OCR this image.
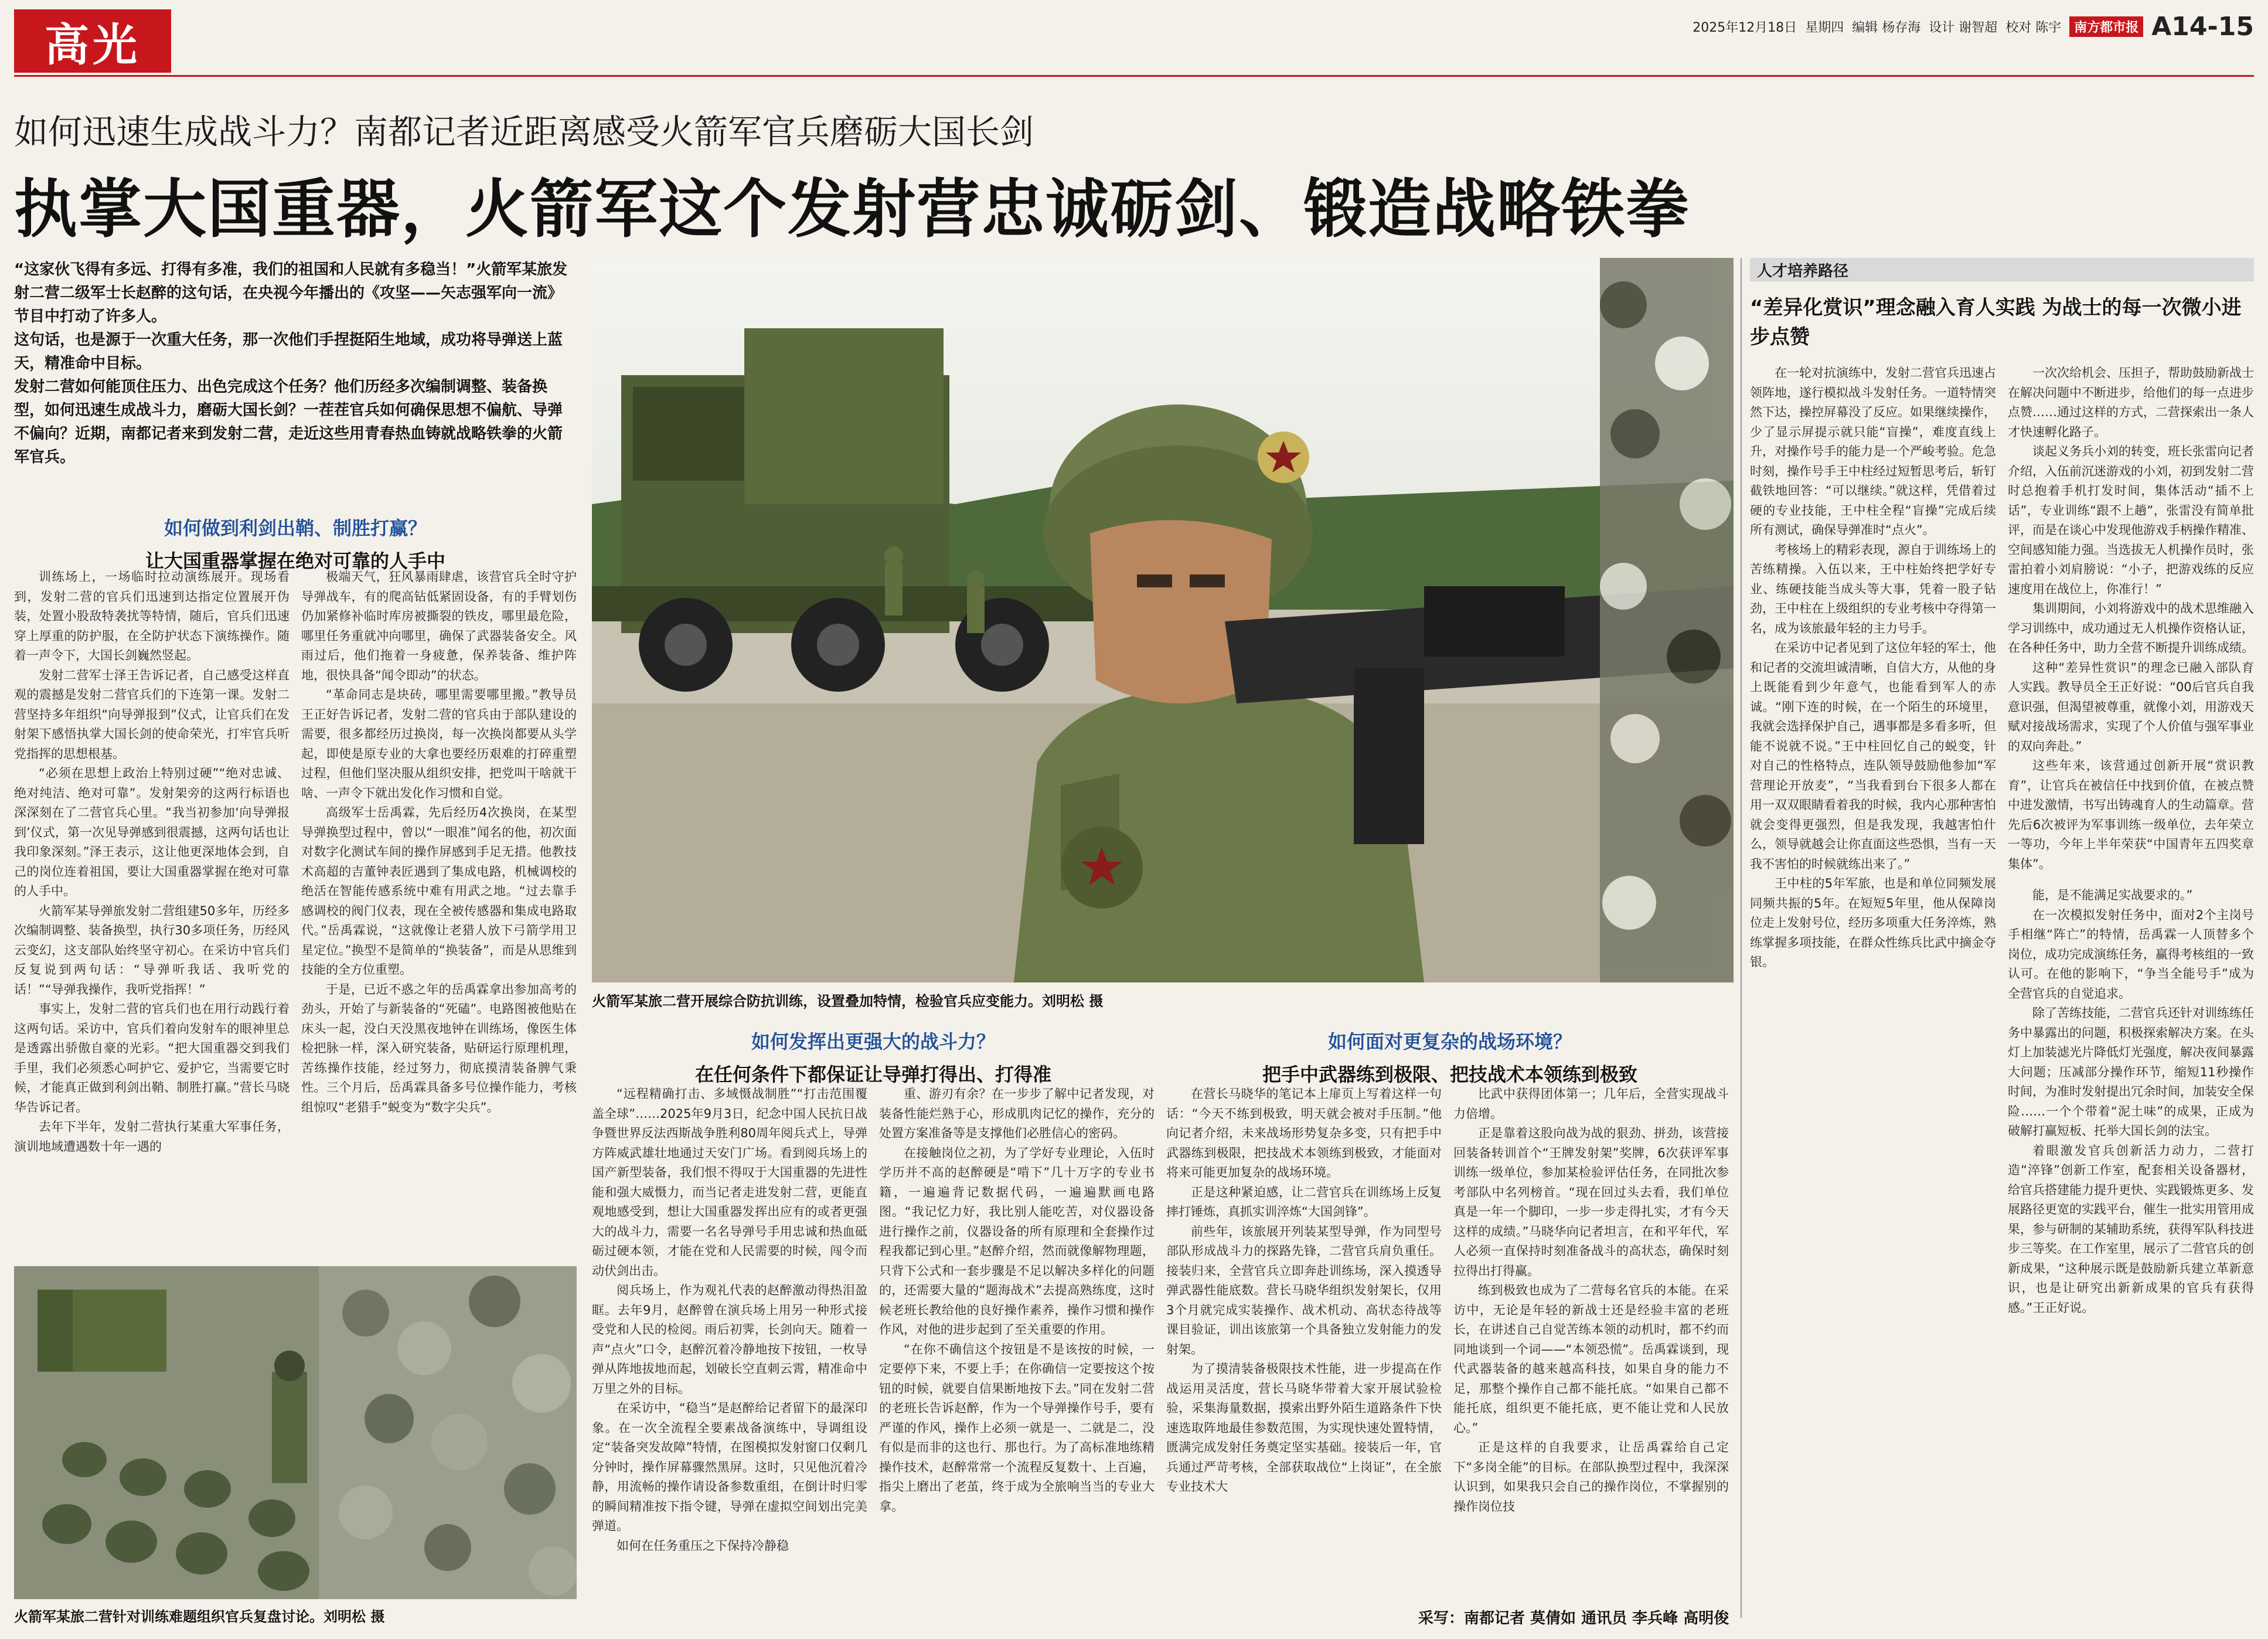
高光	2025年12月18日 星期四 编辑 杨存海 设计 谢智超 校对 陈宇	南方都市报 A14-15
如何迅速生成战斗力？南都记者近距离感受火箭军官兵磨砺大国长剑
执掌大国重器，火箭军这个发射营忠诚砺剑、锻造战略铁拳

“这家伙飞得有多远、打得有多准，我们的祖国和人民就有多稳当！”火箭军某旅发射二营二级军士长赵醉的这句话，在央视今年播出的《攻坚——矢志强军向一流》节目中打动了许多人。

这句话，也是源于一次重大任务，那一次他们手捏挺陌生地域，成功将导弹送上蓝天，精准命中目标。

发射二营如何能顶住压力、出色完成这个任务？他们历经多次编制调整、装备换型，如何迅速生成战斗力，磨砺大国长剑？一茬茬官兵如何确保思想不偏航、导弹不偏向？近期，南都记者来到发射二营，走近这些用青春热血铸就战略铁拳的火箭军官兵。

如何做到利剑出鞘、制胜打赢？
让大国重器掌握在绝对可靠的人手中

训练场上，一场临时拉动演练展开。现场看到，发射二营的官兵们迅速到达指定位置展开伪装，处置小股敌特袭扰等特情，随后，官兵们迅速穿上厚重的防护服，在全防护状态下演练操作。随着一声令下，大国长剑巍然竖起。

发射二营军士泽王告诉记者，自己感受这样直观的震撼是发射二营官兵们的下连第一课。发射二营坚持多年组织“向导弹报到”仪式，让官兵们在发射架下感悟执掌大国长剑的使命荣光，打牢官兵听党指挥的思想根基。

“必须在思想上政治上特别过硬”“绝对忠诚、绝对纯洁、绝对可靠”。发射架旁的这两行标语也深深刻在了二营官兵心里。“我当初参加‘向导弹报到’仪式，第一次见导弹感到很震撼，这两句话也让我印象深刻。”泽王表示，这让他更深地体会到，自己的岗位连着祖国，要让大国重器掌握在绝对可靠的人手中。

火箭军某导弹旅发射二营组建50多年，历经多次编制调整、装备换型，执行30多项任务，历经风云变幻，这支部队始终坚守初心。在采访中官兵们反复说到两句话：“导弹听我话、我听党的话！”“导弹我操作，我听党指挥！”

事实上，发射二营的官兵们也在用行动践行着这两句话。采访中，官兵们着向发射车的眼神里总是透露出骄傲自豪的光彩。“把大国重器交到我们手里，我们必须悉心呵护它、爱护它，当需要它时候，才能真正做到利剑出鞘、制胜打赢。”营长马晓华告诉记者。

去年下半年，发射二营执行某重大军事任务，演训地域遭遇数十年一遇的

极端天气，狂风暴雨肆虐，该营官兵全时守护导弹战车，有的爬高钻低紧固设备，有的手臂划伤仍加紧修补临时库房被撕裂的铁皮，哪里最危险，哪里任务重就冲向哪里，确保了武器装备安全。风雨过后，他们拖着一身疲惫，保养装备、维护阵地，很快具备“闻令即动”的状态。

“革命同志是块砖，哪里需要哪里搬。”教导员王正好告诉记者，发射二营的官兵由于部队建设的需要，很多都经历过换岗，每一次换岗都要从头学起，即使是原专业的大拿也要经历艰难的打碎重塑过程，但他们坚决服从组织安排，把党叫干啥就干啥、一声令下就出发化作习惯和自觉。

高级军士岳禹霖，先后经历4次换岗，在某型导弹换型过程中，曾以“一眼准”闻名的他，初次面对数字化测试车间的操作屏感到手足无措。他教技术高超的吉董钟表匠遇到了集成电路，机械调校的绝活在智能传感系统中难有用武之地。“过去靠手感调校的阀门仪表，现在全被传感器和集成电路取代。”岳禹霖说，“这就像让老猎人放下弓箭学用卫星定位。”换型不是简单的“换装备”，而是从思维到技能的全方位重塑。

于是，已近不惑之年的岳禹霖拿出参加高考的劲头，开始了与新装备的“死磕”。电路图被他贴在床头一起，没白天没黑夜地钟在训练场，像医生体检把脉一样，深入研究装备，贴研运行原理机理，苦练操作技能，经过努力，彻底摸清装备脾气秉性。三个月后，岳禹霖具备多号位操作能力，考核组惊叹“老猎手”蜕变为“数字尖兵”。

火箭军某旅二营针对训练难题组织官兵复盘讨论。刘明松 摄
火箭军某旅二营开展综合防抗训练，设置叠加特情，检验官兵应变能力。刘明松 摄
如何发挥出更强大的战斗力？
在任何条件下都保证让导弹打得出、打得准
如何面对更复杂的战场环境？
把手中武器练到极限、把技战术本领练到极致

“远程精确打击、多域慑战制胜”“打击范围覆盖全球”……2025年9月3日，纪念中国人民抗日战争暨世界反法西斯战争胜利80周年阅兵式上，导弹方阵威武雄壮地通过天安门广场。看到阅兵场上的国产新型装备，我们恨不得叹于大国重器的先进性能和强大威慑力，而当记者走进发射二营，更能直观地感受到，想让大国重器发挥出应有的或者更强大的战斗力，需要一名名导弹号手用忠诚和热血砥砺过硬本领，才能在党和人民需要的时候，闯令而动伏剑出击。

阅兵场上，作为观礼代表的赵醉激动得热泪盈眶。去年9月，赵醉曾在演兵场上用另一种形式接受党和人民的检阅。雨后初霁，长剑向天。随着一声“点火”口令，赵醉沉着冷静地按下按钮，一枚导弹从阵地拔地而起，划破长空直刺云霄，精准命中万里之外的目标。

在采访中，“稳当”是赵醉给记者留下的最深印象。在一次全流程全要素战备演练中，导调组设定“装备突发故障”特情，在图模拟发射窗口仅剩几分钟时，操作屏幕骤然黑屏。这时，只见他沉着冷静，用流畅的操作请设备参数重组，在倒计时归零的瞬间精准按下指令键，导弹在虚拟空间划出完美弹道。

如何在任务重压之下保持冷静稳

重、游刃有余？在一步步了解中记者发现，对装备性能烂熟于心，形成肌肉记忆的操作，充分的处置方案准备等是支撑他们必胜信心的密码。

在接触岗位之初，为了学好专业理论，入伍时学历并不高的赵醉硬是“啃下”几十万字的专业书籍，一遍遍背记数据代码，一遍遍默画电路图。“我记忆力好，我比别人能吃苦，对仪器设备进行操作之前，仪器设备的所有原理和全套操作过程我都记到心里。”赵醉介绍，然而就像解物理题，只背下公式和一套步骤是不足以解决多样化的问题的，还需要大量的“题海战术”去提高熟练度，这时候老班长教给他的良好操作素养，操作习惯和操作作风，对他的进步起到了至关重要的作用。

“在你不确信这个按钮是不是该按的时候，一定要停下来，不要上手；在你确信一定要按这个按钮的时候，就要自信果断地按下去。”同在发射二营的老班长告诉赵醉，作为一个导弹操作号手，要有严谨的作风，操作上必须一就是一、二就是二，没有似是而非的这也行、那也行。为了高标准地练精操作技术，赵醉常常一个流程反复数十、上百遍，指尖上磨出了老茧，终于成为全旅响当当的专业大拿。

在营长马晓华的笔记本上扉页上写着这样一句话：“今天不练到极致，明天就会被对手压制。”他向记者介绍，未来战场形势复杂多变，只有把手中武器练到极限，把技战术本领练到极致，才能面对将来可能更加复杂的战场环境。

正是这种紧迫感，让二营官兵在训练场上反复摔打锤炼，真抓实训淬炼“大国剑锋”。

前些年，该旅展开列装某型导弹，作为同型号部队形成战斗力的探路先锋，二营官兵肩负重任。接装归来，全营官兵立即奔赴训练场，深入摸透导弹武器性能底数。营长马晓华组织发射架长，仅用3个月就完成实装操作、战术机动、高状态待战等课目验证，训出该旅第一个具备独立发射能力的发射架。

为了摸清装备极限技术性能，进一步提高在作战运用灵活度，营长马晓华带着大家开展试验检验，采集海量数据，摸索出野外陌生道路条件下快速选取阵地最佳参数范围，为实现快速处置特情，匮满完成发射任务奠定坚实基础。接装后一年，官兵通过严苛考核，全部获取战位“上岗证”，在全旅专业技术大

比武中获得团体第一；几年后，全营实现战斗力倍增。

正是靠着这股向战为战的狠劲、拼劲，该营接回装备转训首个“王牌发射架”奖牌，6次获评军事训练一级单位，参加某检验评估任务，在同批次参考部队中名列榜首。“现在回过头去看，我们单位真是一年一个脚印，一步一步走得扎实，才有今天这样的成绩。”马晓华向记者坦言，在和平年代，军人必须一直保持时刻准备战斗的高状态，确保时刻拉得出打得赢。

练到极致也成为了二营每名官兵的本能。在采访中，无论是年轻的新战士还是经验丰富的老班长，在讲述自己自觉苦练本领的动机时，都不约而同地谈到一个词——“本领恐慌”。岳禹霖谈到，现代武器装备的越来越高科技，如果自身的能力不足，那整个操作自己都不能托底。“如果自己都不能托底，组织更不能托底，更不能让党和人民放心。”

正是这样的自我要求，让岳禹霖给自己定下“多岗全能”的目标。在部队换型过程中，我深深认识到，如果我只会自己的操作岗位，不掌握别的操作岗位技

采写：南都记者 莫倩如 通讯员 李兵峰 高明俊
人才培养路径
“差异化赏识”理念融入育人实践 为战士的每一次微小进步点赞

在一轮对抗演练中，发射二营官兵迅速占领阵地，遂行模拟战斗发射任务。一道特情突然下达，操控屏幕没了反应。如果继续操作，少了显示屏提示就只能“盲操”，难度直线上升，对操作号手的能力是一个严峻考验。危急时刻，操作号手王中柱经过短暂思考后，斩钉截铁地回答：“可以继续。”就这样，凭借着过硬的专业技能，王中柱全程“盲操”完成后续所有测试，确保导弹准时“点火”。

考核场上的精彩表现，源自于训练场上的苦练精操。入伍以来，王中柱始终把学好专业、练硬技能当成头等大事，凭着一股子钻劲，王中柱在上级组织的专业考核中夺得第一名，成为该旅最年轻的主力号手。

在采访中记者见到了这位年轻的军士，他和记者的交流坦诚清晰，自信大方，从他的身上既能看到少年意气，也能看到军人的赤诚。“刚下连的时候，在一个陌生的环境里，我就会选择保护自己，遇事都是多看多听，但能不说就不说。”王中柱回忆自己的蜕变，针对自己的性格特点，连队领导鼓励他参加“军营理论开放麦”，“当我看到台下很多人都在用一双双眼睛看着我的时候，我内心那种害怕就会变得更强烈，但是我发现，我越害怕什么，领导就越会让你直面这些恐惧，当有一天我不害怕的时候就练出来了。”

王中柱的5年军旅，也是和单位同频发展同频共振的5年。在短短5年里，他从保障岗位走上发射号位，经历多项重大任务淬炼，熟练掌握多项技能，在群众性练兵比武中摘金夺银。

一次次给机会、压担子，帮助鼓励新战士在解决问题中不断进步，给他们的每一点进步点赞……通过这样的方式，二营探索出一条人才快速孵化路子。

谈起义务兵小刘的转变，班长张雷向记者介绍，入伍前沉迷游戏的小刘，初到发射二营时总抱着手机打发时间，集体活动“插不上话”，专业训练“跟不上趟”，张雷没有简单批评，而是在谈心中发现他游戏手柄操作精准、空间感知能力强。当选拔无人机操作员时，张雷拍着小刘肩膀说：“小子，把游戏练的反应速度用在战位上，你准行！”

集训期间，小刘将游戏中的战术思维融入学习训练中，成功通过无人机操作资格认证，在各种任务中，助力全营不断提升训练成绩。

这种“差异性赏识”的理念已融入部队育人实践。教导员全王正好说：“00后官兵自我意识强，但渴望被尊重，就像小刘，用游戏天赋对接战场需求，实现了个人价值与强军事业的双向奔赴。”

这些年来，该营通过创新开展“赏识教育”，让官兵在被信任中找到价值，在被点赞中进发激情，书写出铸魂育人的生动篇章。营先后6次被评为军事训练一级单位，去年荣立一等功，今年上半年荣获“中国青年五四奖章集体”。

能，是不能满足实战要求的。”

在一次模拟发射任务中，面对2个主岗号手相继“阵亡”的特情，岳禹霖一人顶替多个岗位，成功完成演练任务，赢得考核组的一致认可。在他的影响下，“争当全能号手”成为全营官兵的自觉追求。

除了苦练技能，二营官兵还针对训练练任务中暴露出的问题，积极探索解决方案。在头灯上加装滤光片降低灯光强度，解决夜间暴露大问题；压减部分操作环节，缩短11秒操作时间，为准时发射提出冗余时间，加装安全保险……一个个带着“泥土味”的成果，正成为破解打赢短板、托举大国长剑的法宝。

着眼激发官兵创新活力动力，二营打造“淬锋”创新工作室，配套相关设备器材，给官兵搭建能力提升更快、实践锻炼更多、发展路径更宽的实践平台，催生一批实用管用成果，参与研制的某辅助系统，获得军队科技进步三等奖。在工作室里，展示了二营官兵的创新成果，“这种展示既是鼓励新兵建立革新意识，也是让研究出新新成果的官兵有获得感。”王正好说。
